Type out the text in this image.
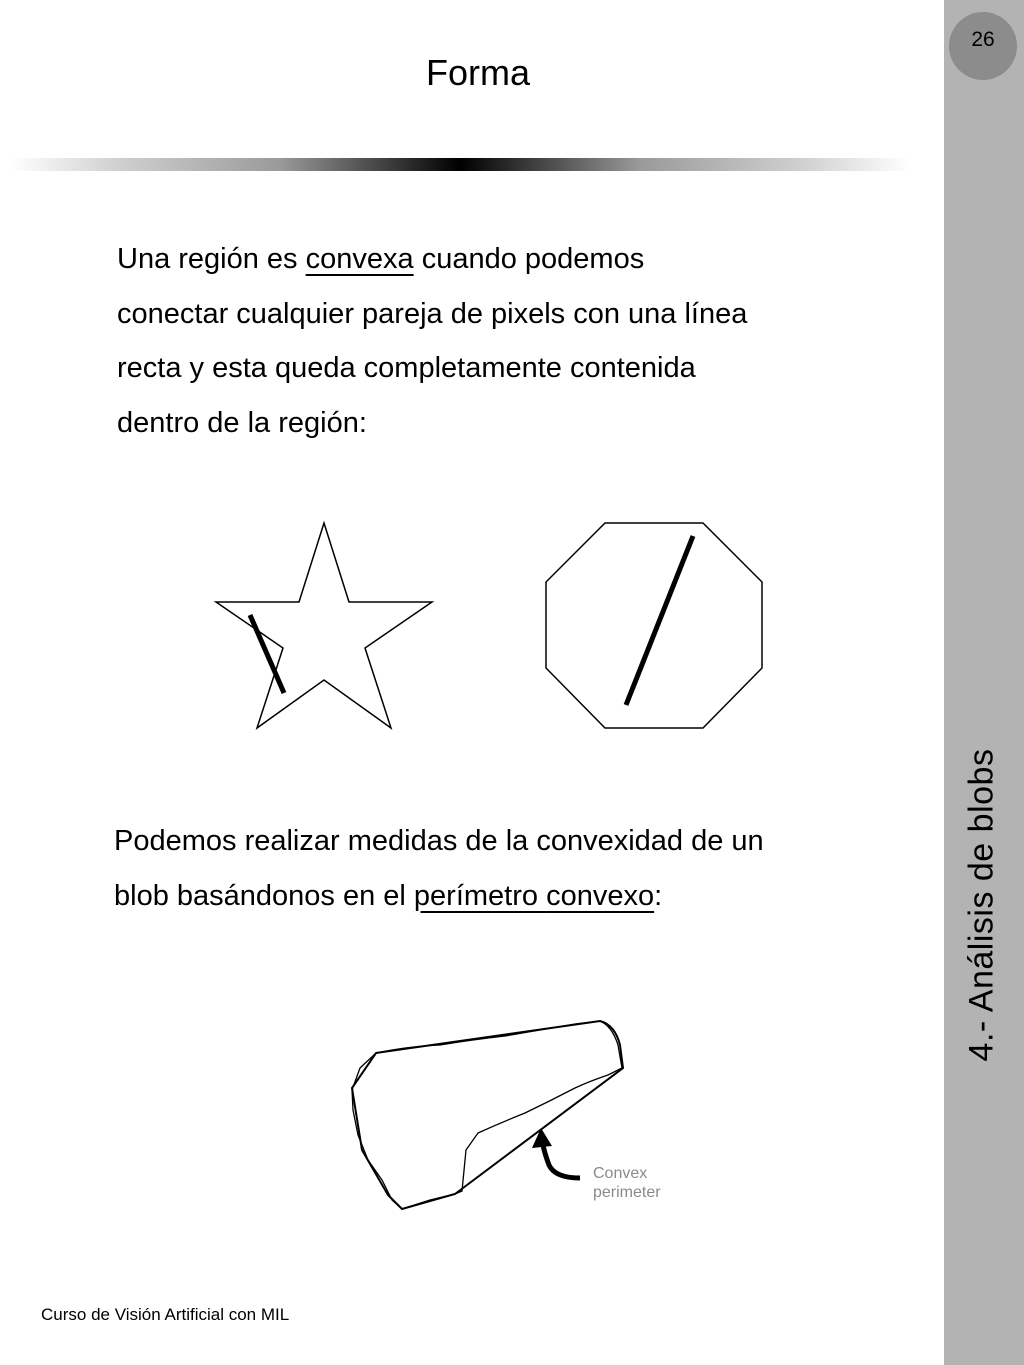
26
4.- Análisis de blobs
Forma
Una región es convexa cuando podemos conectar cualquier pareja de pixels con una línea recta y esta queda completamente contenida dentro de la región:
Convex
perimeter
Podemos realizar medidas de la convexidad de un blob basándonos en el perímetro convexo:
Curso de Visión Artificial con MIL
